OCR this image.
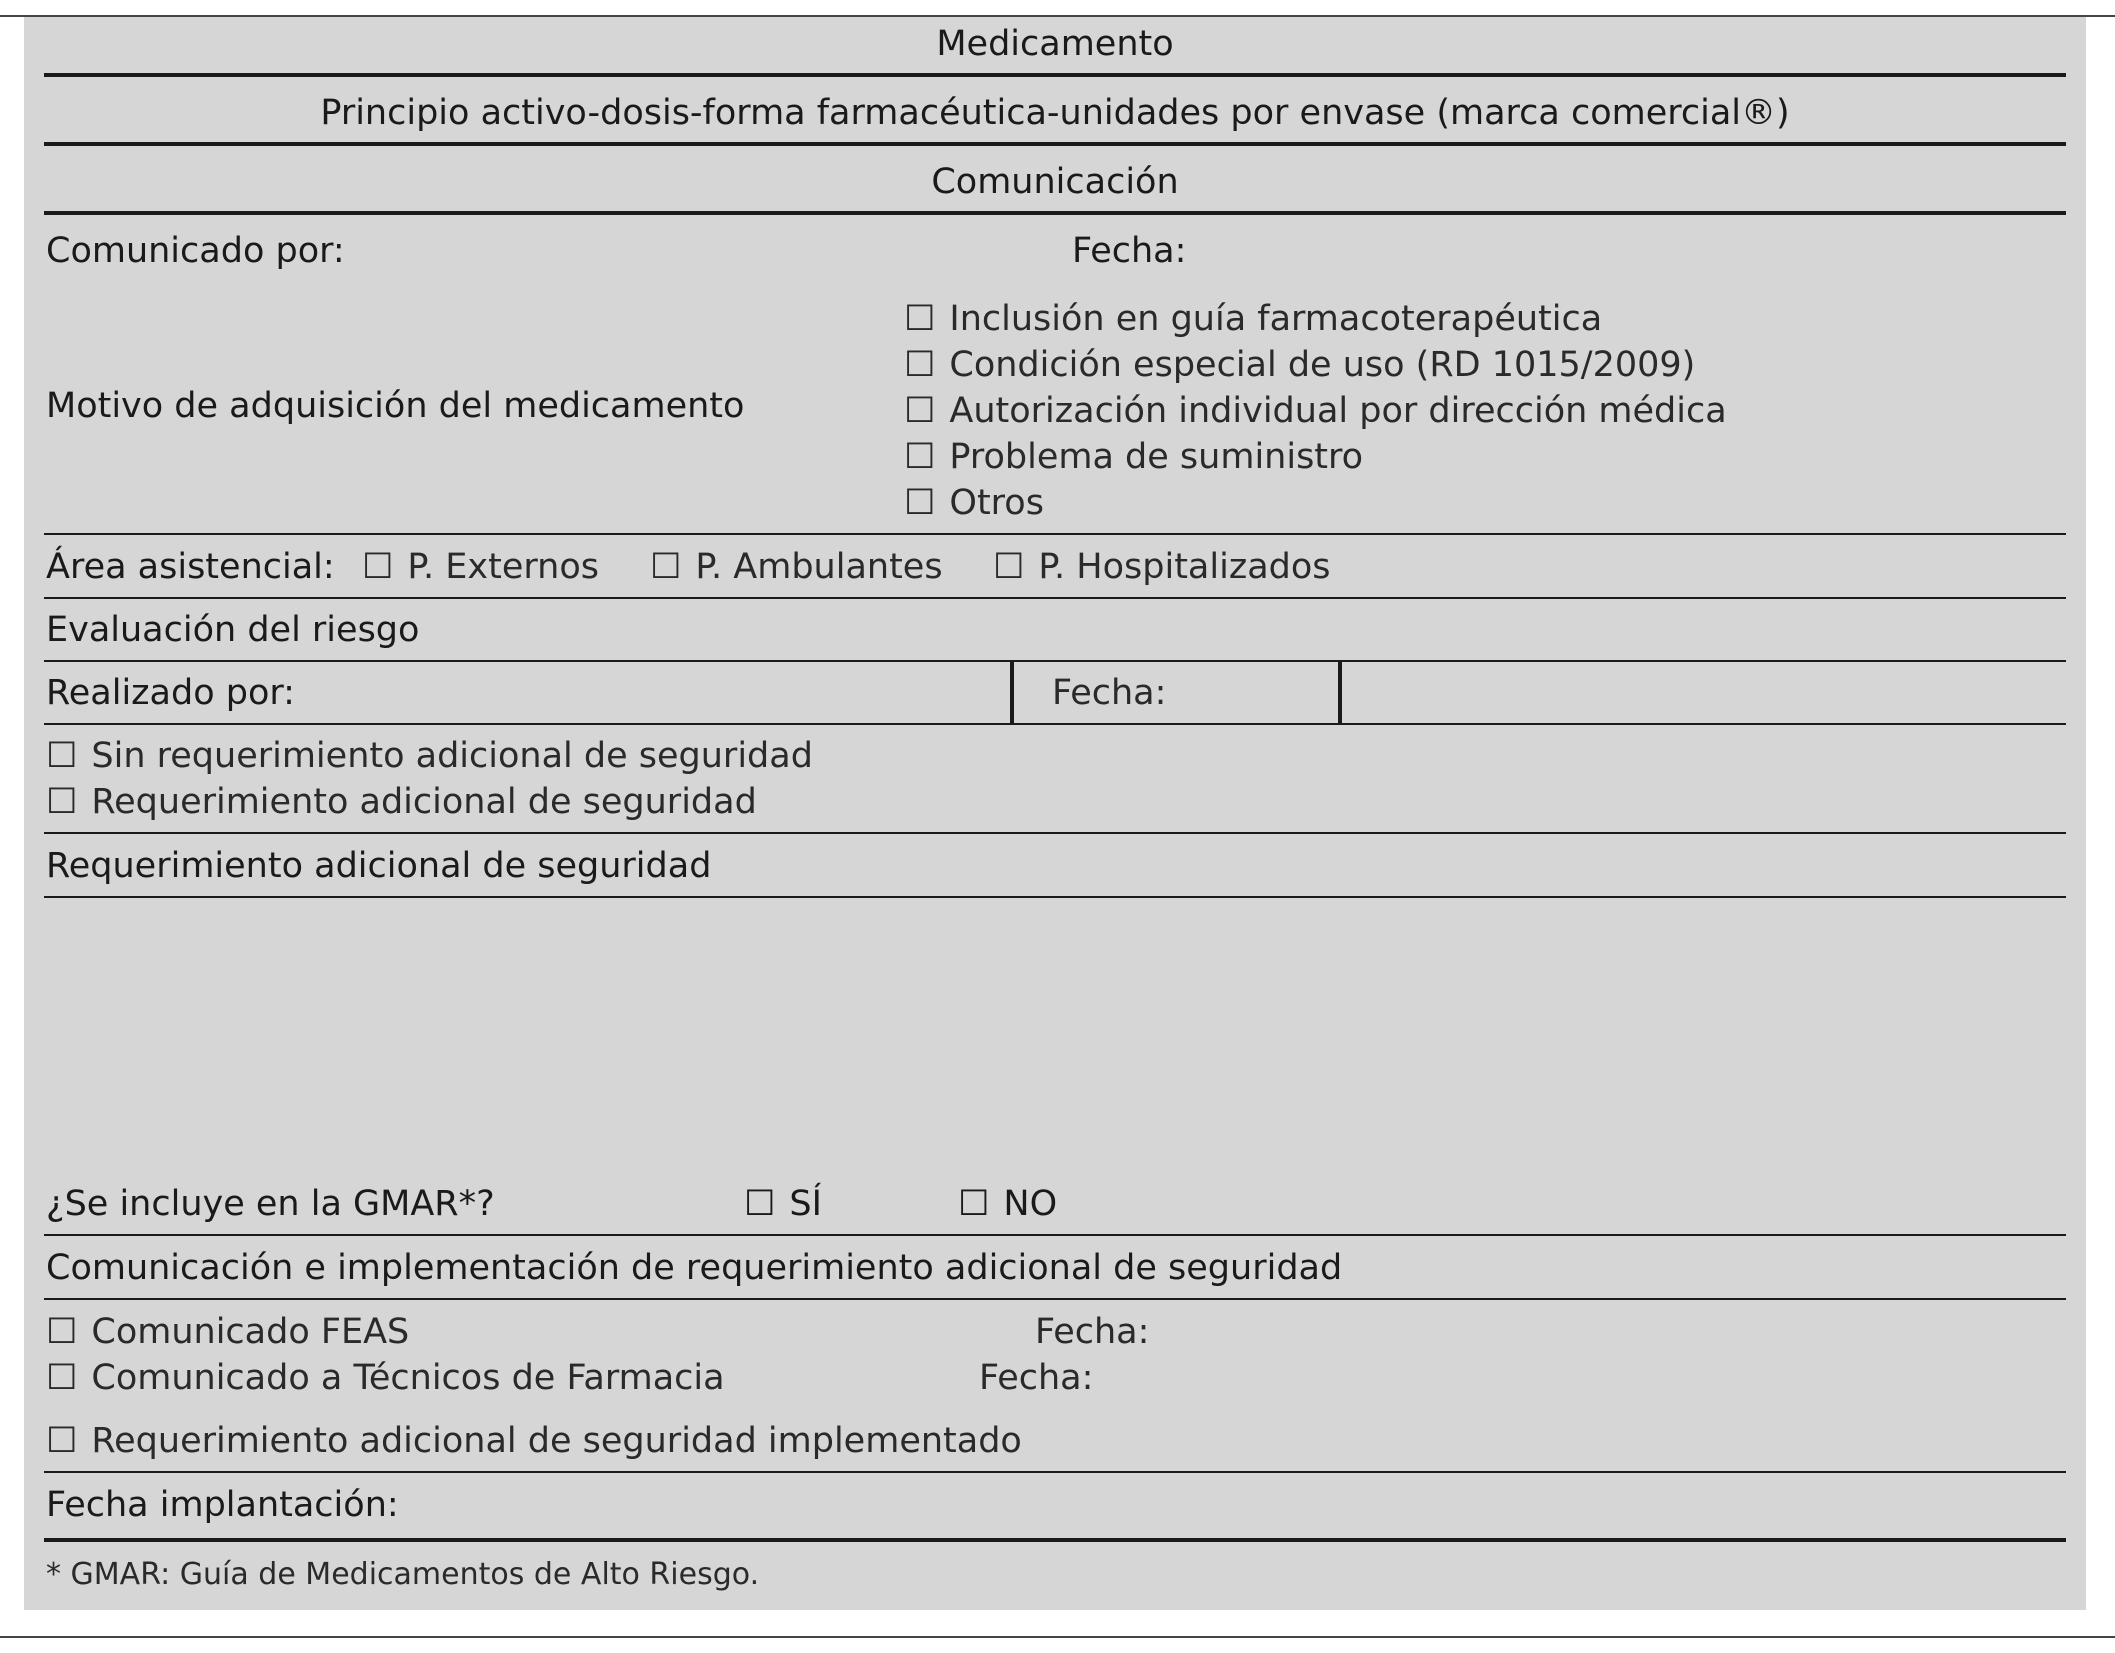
Medicamento
Principio activo-dosis-forma farmacéutica-unidades por envase (marca comercial®)
Comunicación
Comunicado por:	Fecha:
Motivo de adquisición del medicamento
☐ Inclusión en guía farmacoterapéutica
☐ Condición especial de uso (RD 1015/2009)
☐ Autorización individual por dirección médica
☐ Problema de suministro
☐ Otros
Área asistencial: ☐ P. Externos ☐ P. Ambulantes ☐ P. Hospitalizados
Evaluación del riesgo
Realizado por:	Fecha:
☐ Sin requerimiento adicional de seguridad
☐ Requerimiento adicional de seguridad
Requerimiento adicional de seguridad
¿Se incluye en la GMAR*?	☐ SÍ	☐ NO
Comunicación e implementación de requerimiento adicional de seguridad
☐ Comunicado FEAS	Fecha:
☐ Comunicado a Técnicos de Farmacia	Fecha:
☐ Requerimiento adicional de seguridad implementado
Fecha implantación:
* GMAR: Guía de Medicamentos de Alto Riesgo.
